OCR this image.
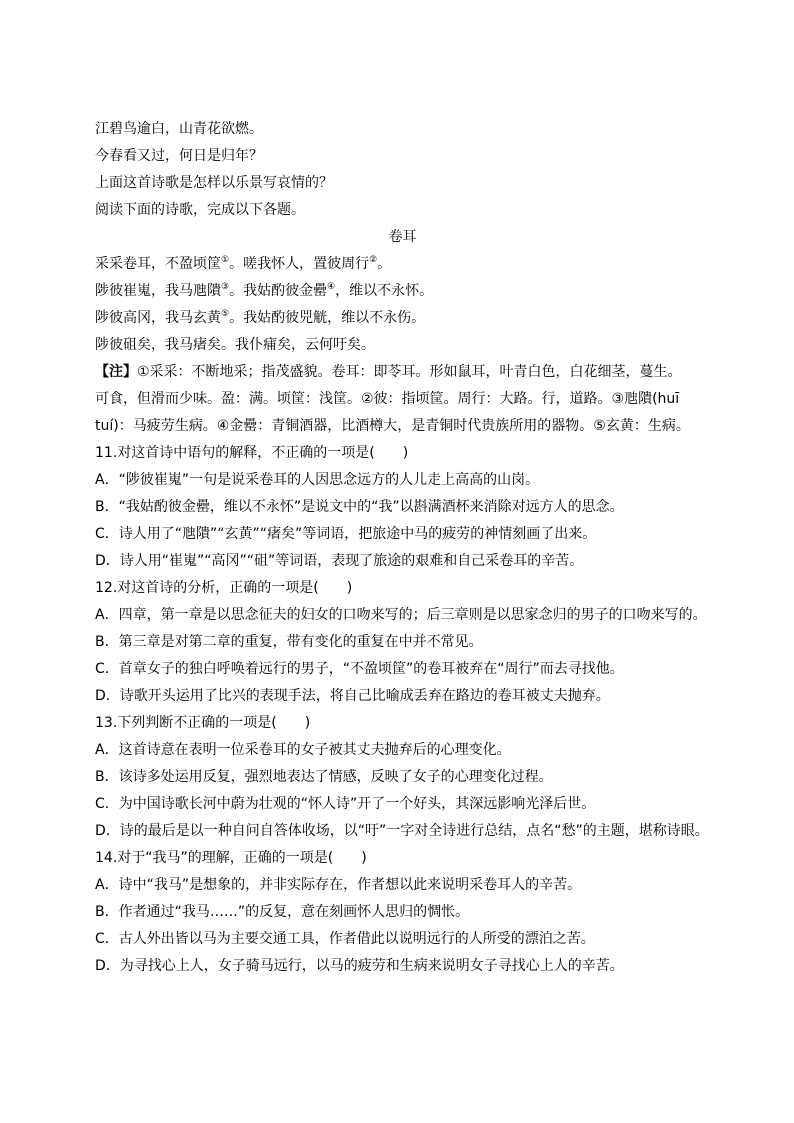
江碧鸟逾白，山青花欲燃。
今春看又过，何日是归年？
上面这首诗歌是怎样以乐景写哀情的？
阅读下面的诗歌，完成以下各题。
卷耳
采采卷耳，不盈顷筐①。嗟我怀人，置彼周行②。
陟彼崔嵬，我马虺隤③。我姑酌彼金罍④，维以不永怀。
陟彼高冈，我马玄黄⑤。我姑酌彼兕觥，维以不永伤。
陟彼砠矣，我马瘏矣。我仆痡矣，云何吁矣。
【注】①采采：不断地采；指茂盛貌。卷耳：即苓耳。形如鼠耳，叶青白色，白花细茎，蔓生。
可食，但滑而少味。盈：满。顷筐：浅筐。②彼：指顷筐。周行：大路。行，道路。③虺隤(huī
tuí)：马疲劳生病。④金罍：青铜酒器，比酒樽大，是青铜时代贵族所用的器物。⑤玄黄：生病。
11.对这首诗中语句的解释，不正确的一项是(　　)
A．“陟彼崔嵬”一句是说采卷耳的人因思念远方的人儿走上高高的山岗。
B．“我姑酌彼金罍，维以不永怀”是说文中的“我”以斟满酒杯来消除对远方人的思念。
C．诗人用了“虺隤”“玄黄”“瘏矣”等词语，把旅途中马的疲劳的神情刻画了出来。
D．诗人用“崔嵬”“高冈”“砠”等词语，表现了旅途的艰难和自己采卷耳的辛苦。
12.对这首诗的分析，正确的一项是(　　)
A．四章，第一章是以思念征夫的妇女的口吻来写的；后三章则是以思家念归的男子的口吻来写的。
B．第三章是对第二章的重复，带有变化的重复在中并不常见。
C．首章女子的独白呼唤着远行的男子，“不盈顷筐”的卷耳被弃在“周行”而去寻找他。
D．诗歌开头运用了比兴的表现手法，将自己比喻成丢弃在路边的卷耳被丈夫抛弃。
13.下列判断不正确的一项是(　　)
A．这首诗意在表明一位采卷耳的女子被其丈夫抛弃后的心理变化。
B．该诗多处运用反复，强烈地表达了情感，反映了女子的心理变化过程。
C．为中国诗歌长河中蔚为壮观的“怀人诗”开了一个好头，其深远影响光泽后世。
D．诗的最后是以一种自问自答体收场，以“吁”一字对全诗进行总结，点名“愁”的主题，堪称诗眼。
14.对于“我马”的理解，正确的一项是(　　)
A．诗中“我马”是想象的，并非实际存在，作者想以此来说明采卷耳人的辛苦。
B．作者通过“我马……”的反复，意在刻画怀人思归的惆怅。
C．古人外出皆以马为主要交通工具，作者借此以说明远行的人所受的漂泊之苦。
D．为寻找心上人，女子骑马远行，以马的疲劳和生病来说明女子寻找心上人的辛苦。
